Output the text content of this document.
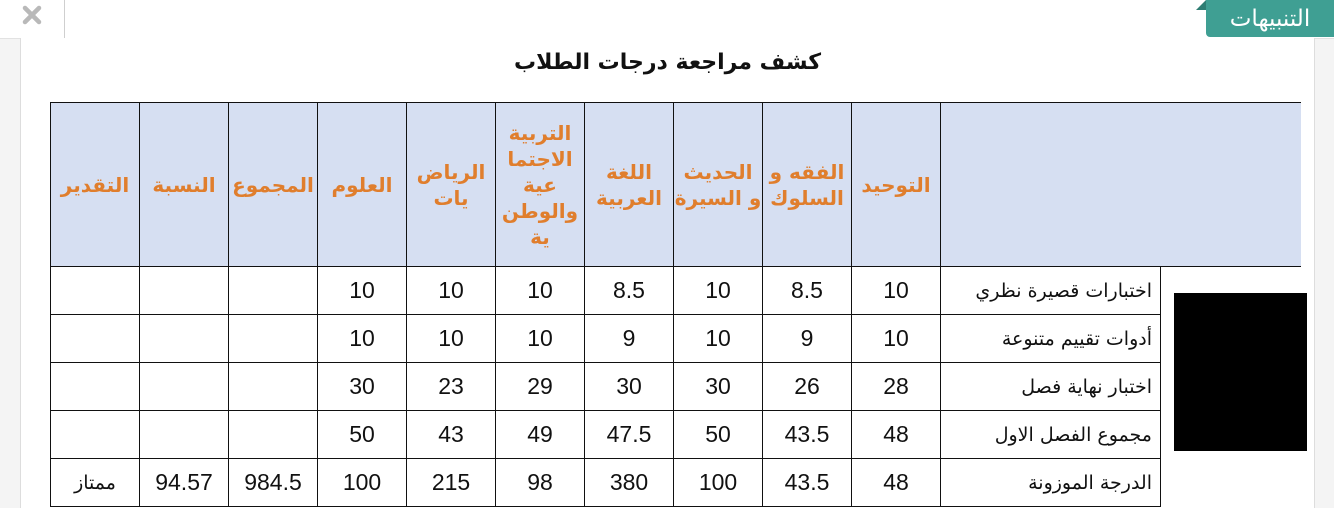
التنبيهات
كشف مراجعة درجات الطلاب
التقدير	النسبة	المجموع	العلوم	الرياض يات	التربية الاجتما عية والوطن ية	اللغة العربية	الحديث و السيرة	الفقه و السلوك	التوحيد		
			10	10	10	8.5	10	8.5	10	اختبارات قصيرة نظري	
			10	10	10	9	10	9	10	أدوات تقييم متنوعة	
			30	23	29	30	30	26	28	اختبار نهاية فصل	
			50	43	49	47.5	50	43.5	48	مجموع الفصل الاول	
ممتاز	94.57	984.5	100	215	98	380	100	43.5	48	الدرجة الموزونة	
